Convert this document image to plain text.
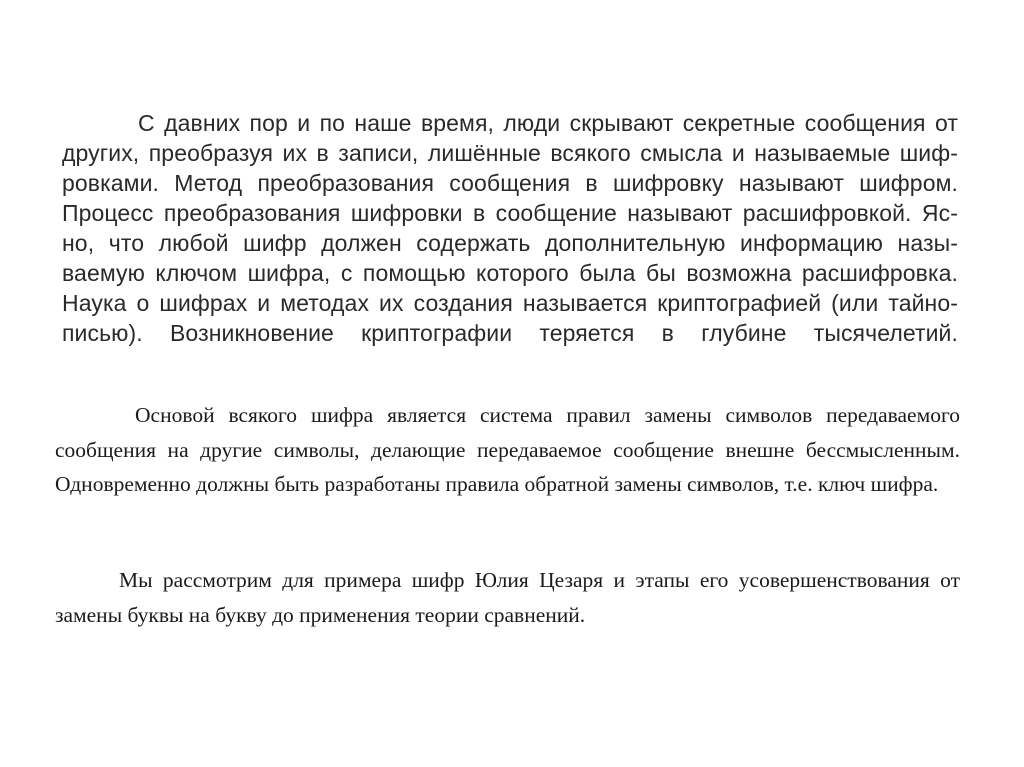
С давних пор и по наше время, люди скрывают секретные сообщения от
других, преобразуя их в записи, лишённые всякого смысла и называемые шиф-
ровками. Метод преобразования сообщения в шифровку называют шифром.
Процесс преобразования шифровки в сообщение называют расшифровкой. Яс-
но, что любой шифр должен содержать дополнительную информацию назы-
ваемую ключом шифра, с помощью которого была бы возможна расшифровка.
Наука о шифрах и методах их создания называется криптографией (или тайно-
писью). Возникновение криптографии теряется в глубине тысячелетий.

Основой всякого шифра является система правил замены символов передаваемого сообщения на другие символы, делающие передаваемое сообщение внешне бессмысленным. Одновременно должны быть разработаны правила обратной замены символов, т.е. ключ шифра.

Мы рассмотрим для примера шифр Юлия Цезаря и этапы его усовершенствования от замены буквы на букву до применения теории сравнений.
